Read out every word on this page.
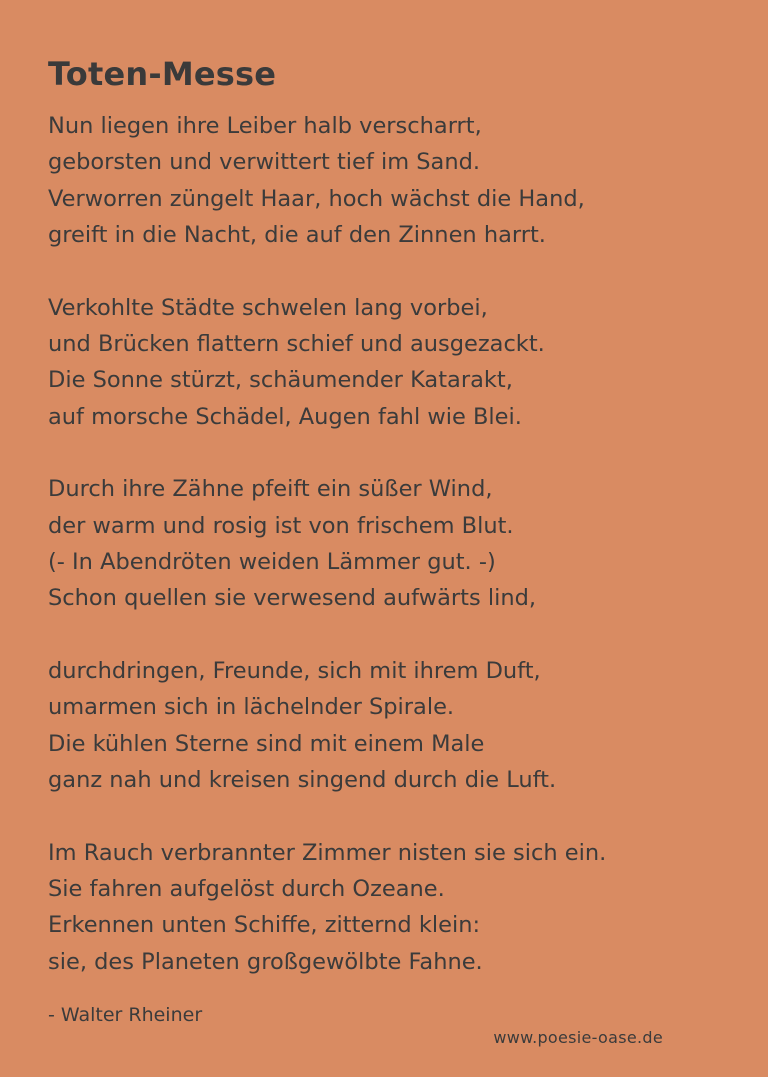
Toten-Messe
Nun liegen ihre Leiber halb verscharrt,
geborsten und verwittert tief im Sand.
Verworren züngelt Haar, hoch wächst die Hand,
greift in die Nacht, die auf den Zinnen harrt.
Verkohlte Städte schwelen lang vorbei,
und Brücken flattern schief und ausgezackt.
Die Sonne stürzt, schäumender Katarakt,
auf morsche Schädel, Augen fahl wie Blei.
Durch ihre Zähne pfeift ein süßer Wind,
der warm und rosig ist von frischem Blut.
(- In Abendröten weiden Lämmer gut. -)
Schon quellen sie verwesend aufwärts lind,
durchdringen, Freunde, sich mit ihrem Duft,
umarmen sich in lächelnder Spirale.
Die kühlen Sterne sind mit einem Male
ganz nah und kreisen singend durch die Luft.
Im Rauch verbrannter Zimmer nisten sie sich ein.
Sie fahren aufgelöst durch Ozeane.
Erkennen unten Schiffe, zitternd klein:
sie, des Planeten großgewölbte Fahne.
- Walter Rheiner
www.poesie-oase.de
